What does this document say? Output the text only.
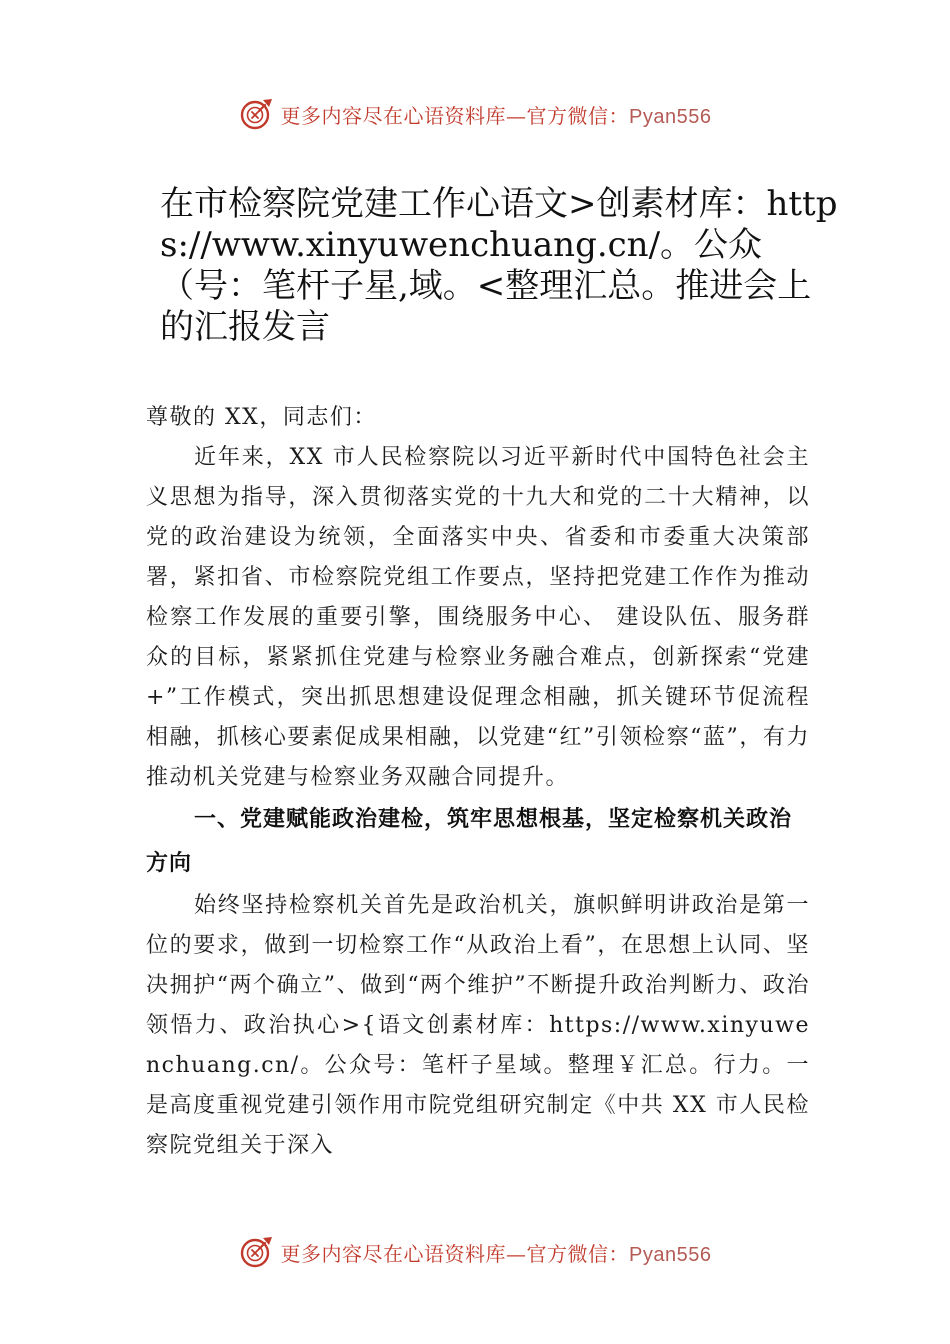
更多内容尽在心语资料库—官方微信：Pyan556
在市检察院党建工作心语文>创素材库：https://www.xinyuwenchuang.cn/。公众（号：笔杆子星,域。<整理汇总。推进会上的汇报发言

尊敬的 XX，同志们：

近年来，XX 市人民检察院以习近平新时代中国特色社会主义思想为指导，深入贯彻落实党的十九大和党的二十大精神，以党的政治建设为统领，全面落实中央、省委和市委重大决策部署，紧扣省、市检察院党组工作要点，坚持把党建工作作为推动检察工作发展的重要引擎，围绕服务中心、 建设队伍、服务群众的目标，紧紧抓住党建与检察业务融合难点，创新探索“党建+”工作模式，突出抓思想建设促理念相融，抓关键环节促流程相融，抓核心要素促成果相融，以党建“红”引领检察“蓝”，有力推动机关党建与检察业务双融合同提升。

一、党建赋能政治建检，筑牢思想根基，坚定检察机关政治方向

始终坚持检察机关首先是政治机关，旗帜鲜明讲政治是第一位的要求，做到一切检察工作“从政治上看”，在思想上认同、坚决拥护“两个确立”、做到“两个维护”不断提升政治判断力、政治领悟力、政治执心>{语文创素材库：https://www.xinyuwenchuang.cn/。公众号：笔杆子星域。整理￥汇总。行力。一是高度重视党建引领作用市院党组研究制定《中共 XX 市人民检察院党组关于深入

更多内容尽在心语资料库—官方微信：Pyan556
